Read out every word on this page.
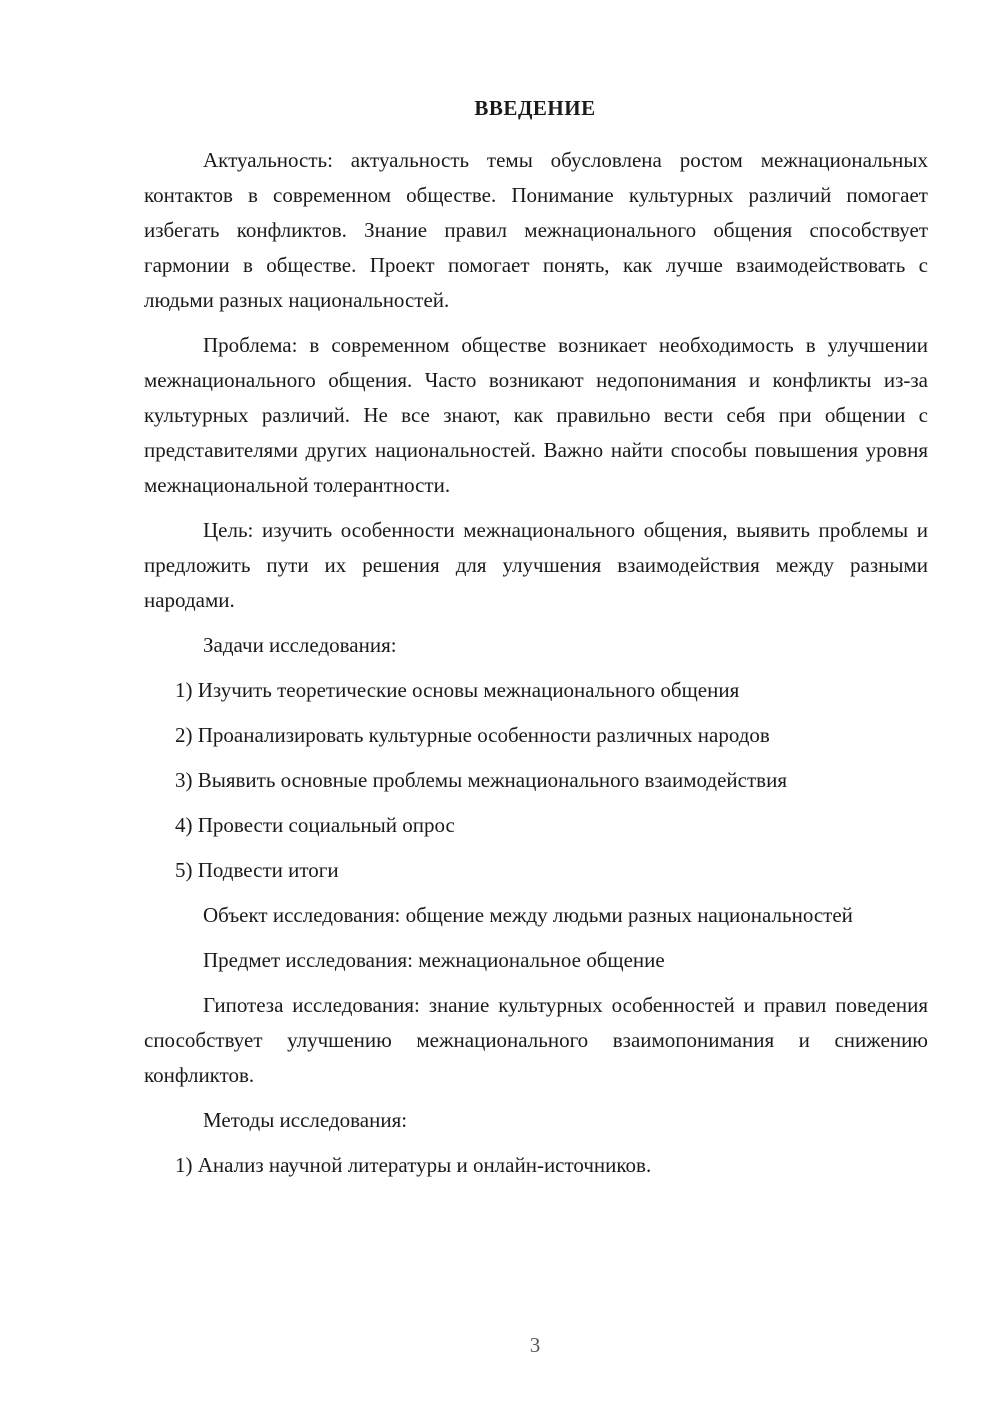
ВВЕДЕНИЕ

Актуальность: актуальность темы обусловлена ростом межнациональных контактов в современном обществе. Понимание культурных различий помогает избегать конфликтов. Знание правил межнационального общения способствует гармонии в обществе. Проект помогает понять, как лучше взаимодействовать с людьми разных национальностей.

Проблема: в современном обществе возникает необходимость в улучшении межнационального общения. Часто возникают недопонимания и конфликты из-за культурных различий. Не все знают, как правильно вести себя при общении с представителями других национальностей. Важно найти способы повышения уровня межнациональной толерантности.

Цель: изучить особенности межнационального общения, выявить проблемы и предложить пути их решения для улучшения взаимодействия между разными народами.

Задачи исследования:

1) Изучить теоретические основы межнационального общения

2) Проанализировать культурные особенности различных народов

3) Выявить основные проблемы межнационального взаимодействия

4) Провести социальный опрос

5) Подвести итоги

Объект исследования: общение между людьми разных национальностей

Предмет исследования: межнациональное общение

Гипотеза исследования: знание культурных особенностей и правил поведения способствует улучшению межнационального взаимопонимания и снижению конфликтов.

Методы исследования:

1) Анализ научной литературы и онлайн-источников.

3
